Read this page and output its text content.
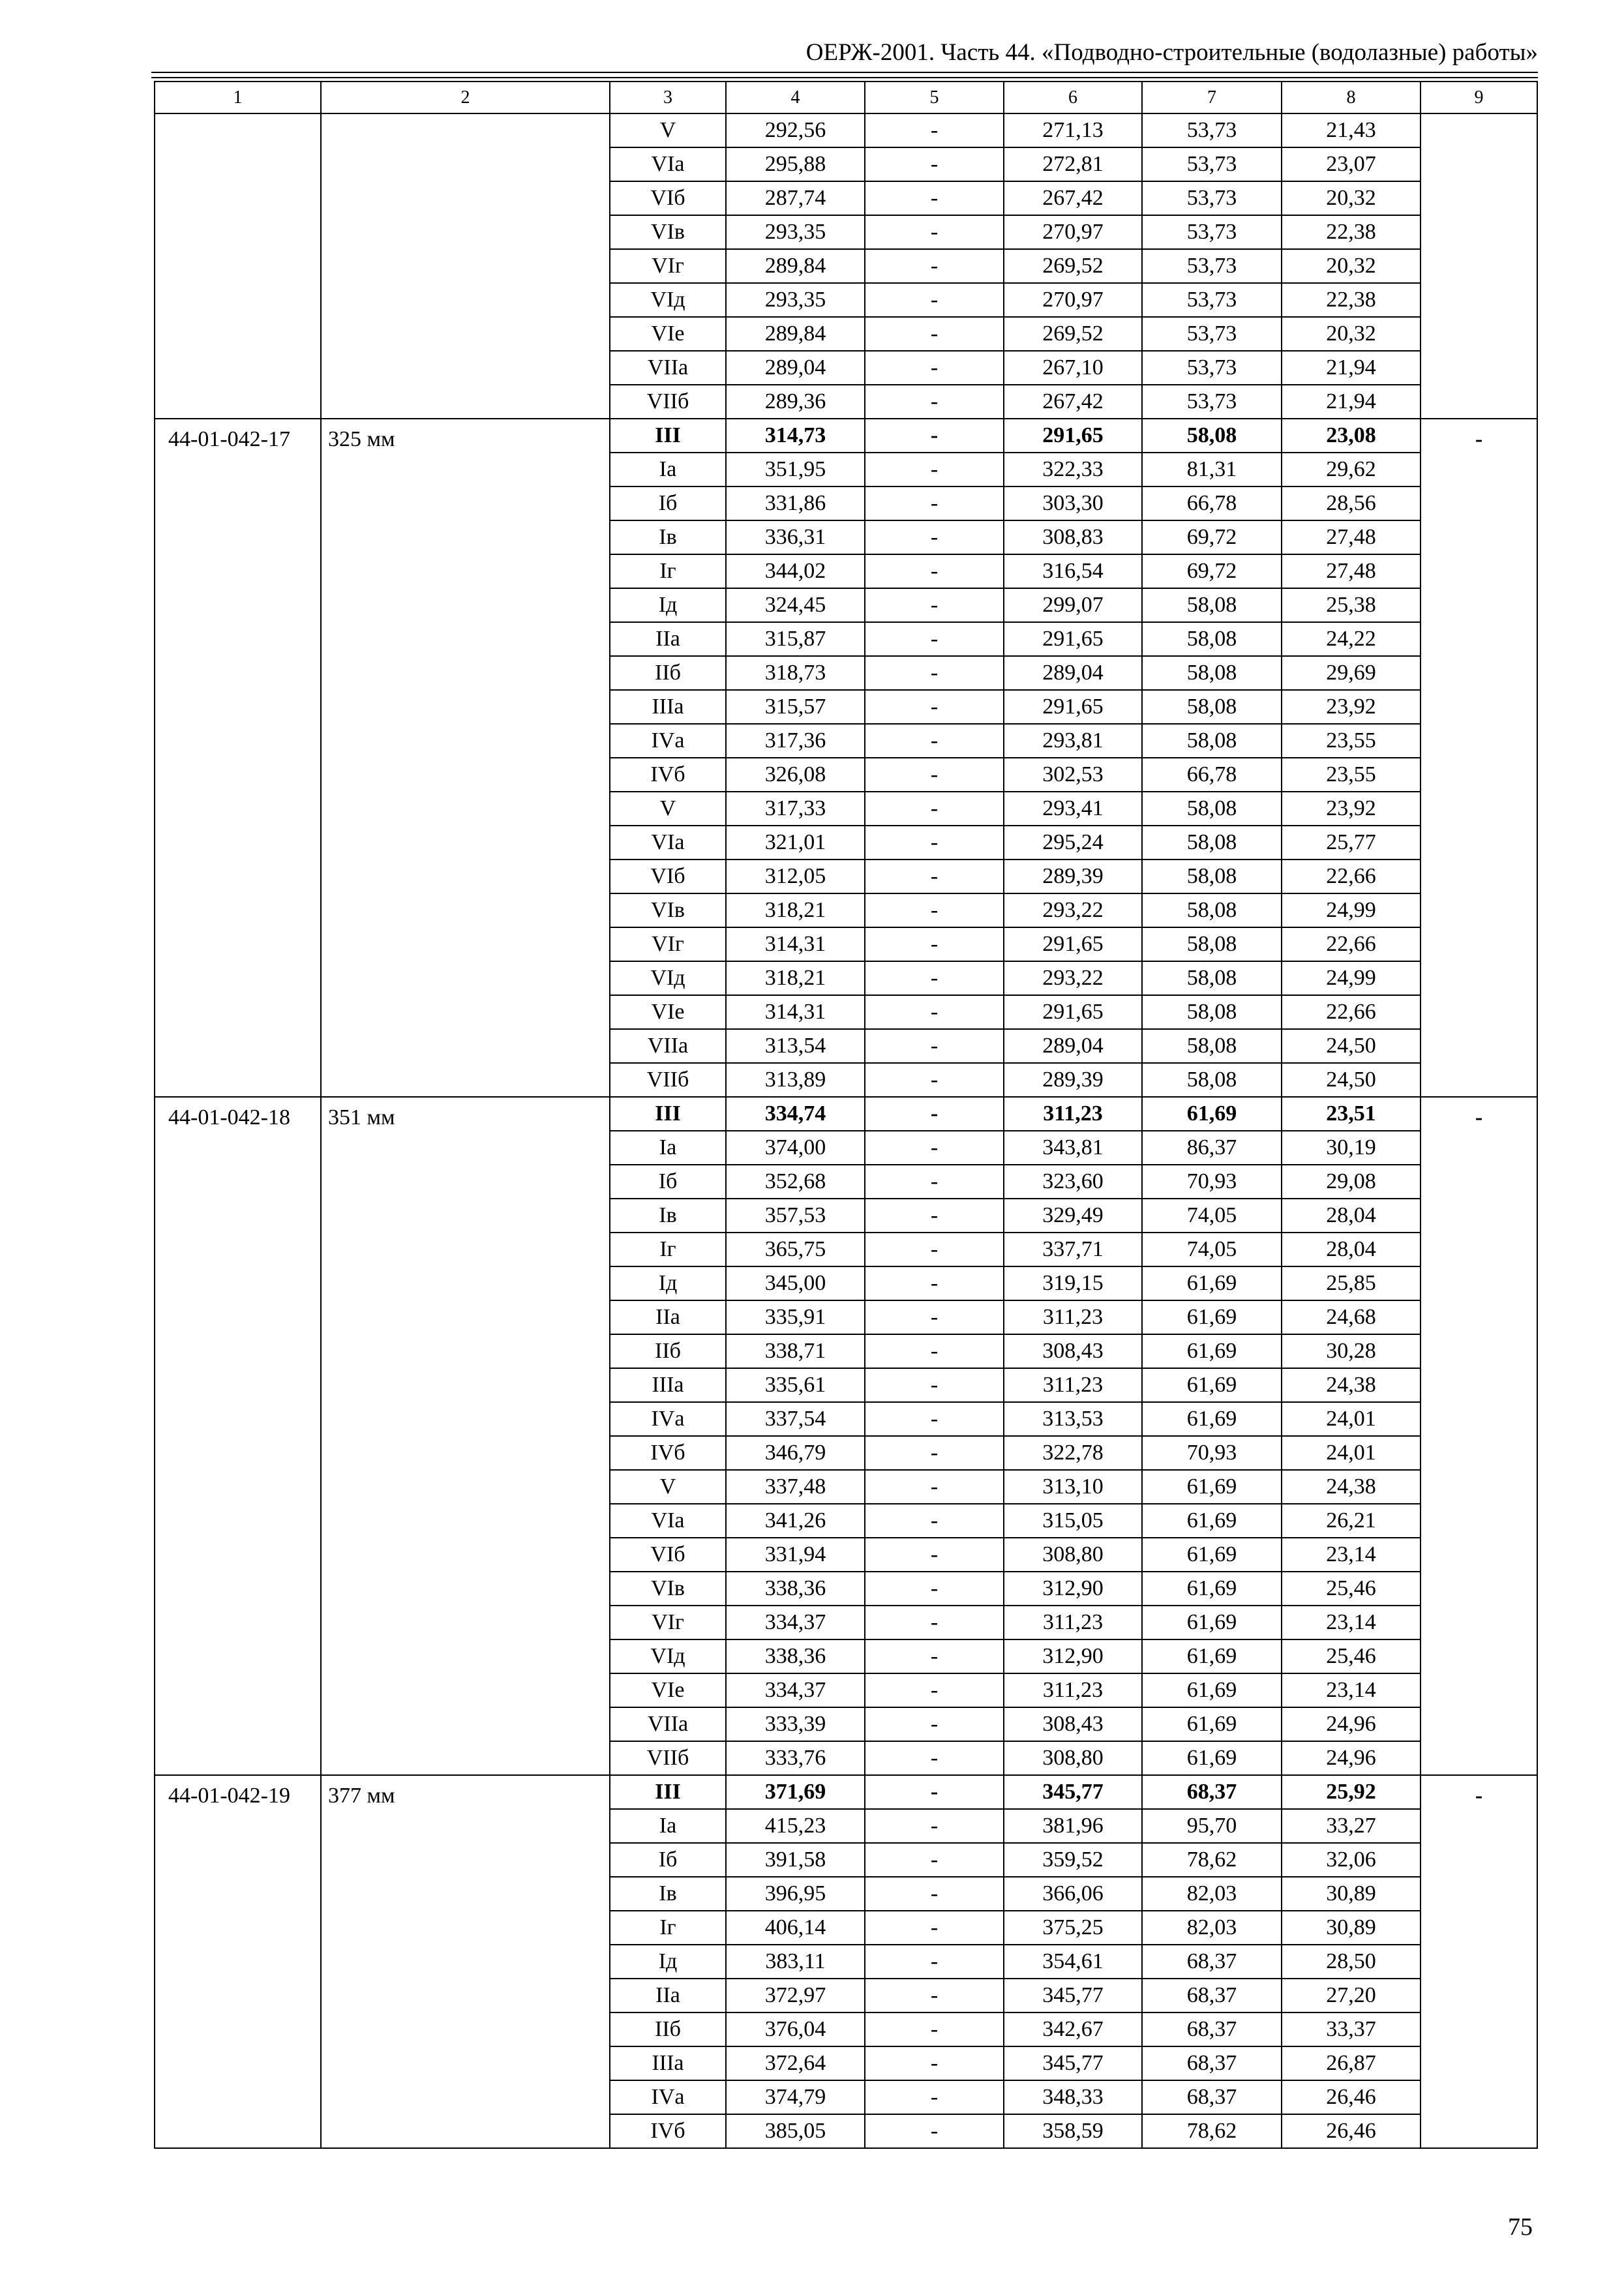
ОЕРЖ-2001. Часть 44. «Подводно-строительные (водолазные) работы»
1	2	3	4	5	6	7	8	9
		V	292,56	-	271,13	53,73	21,43	
		VIа	295,88	-	272,81	53,73	23,07	
		VIб	287,74	-	267,42	53,73	20,32	
		VIв	293,35	-	270,97	53,73	22,38	
		VIг	289,84	-	269,52	53,73	20,32	
		VIд	293,35	-	270,97	53,73	22,38	
		VIе	289,84	-	269,52	53,73	20,32	
		VIIа	289,04	-	267,10	53,73	21,94	
		VIIб	289,36	-	267,42	53,73	21,94	
44-01-042-17	325 мм	III	314,73	-	291,65	58,08	23,08	-
		Iа	351,95	-	322,33	81,31	29,62	
		Iб	331,86	-	303,30	66,78	28,56	
		Iв	336,31	-	308,83	69,72	27,48	
		Iг	344,02	-	316,54	69,72	27,48	
		Iд	324,45	-	299,07	58,08	25,38	
		IIа	315,87	-	291,65	58,08	24,22	
		IIб	318,73	-	289,04	58,08	29,69	
		IIIа	315,57	-	291,65	58,08	23,92	
		IVа	317,36	-	293,81	58,08	23,55	
		IVб	326,08	-	302,53	66,78	23,55	
		V	317,33	-	293,41	58,08	23,92	
		VIа	321,01	-	295,24	58,08	25,77	
		VIб	312,05	-	289,39	58,08	22,66	
		VIв	318,21	-	293,22	58,08	24,99	
		VIг	314,31	-	291,65	58,08	22,66	
		VIд	318,21	-	293,22	58,08	24,99	
		VIе	314,31	-	291,65	58,08	22,66	
		VIIа	313,54	-	289,04	58,08	24,50	
		VIIб	313,89	-	289,39	58,08	24,50	
44-01-042-18	351 мм	III	334,74	-	311,23	61,69	23,51	-
		Iа	374,00	-	343,81	86,37	30,19	
		Iб	352,68	-	323,60	70,93	29,08	
		Iв	357,53	-	329,49	74,05	28,04	
		Iг	365,75	-	337,71	74,05	28,04	
		Iд	345,00	-	319,15	61,69	25,85	
		IIа	335,91	-	311,23	61,69	24,68	
		IIб	338,71	-	308,43	61,69	30,28	
		IIIа	335,61	-	311,23	61,69	24,38	
		IVа	337,54	-	313,53	61,69	24,01	
		IVб	346,79	-	322,78	70,93	24,01	
		V	337,48	-	313,10	61,69	24,38	
		VIа	341,26	-	315,05	61,69	26,21	
		VIб	331,94	-	308,80	61,69	23,14	
		VIв	338,36	-	312,90	61,69	25,46	
		VIг	334,37	-	311,23	61,69	23,14	
		VIд	338,36	-	312,90	61,69	25,46	
		VIе	334,37	-	311,23	61,69	23,14	
		VIIа	333,39	-	308,43	61,69	24,96	
		VIIб	333,76	-	308,80	61,69	24,96	
44-01-042-19	377 мм	III	371,69	-	345,77	68,37	25,92	-
		Iа	415,23	-	381,96	95,70	33,27	
		Iб	391,58	-	359,52	78,62	32,06	
		Iв	396,95	-	366,06	82,03	30,89	
		Iг	406,14	-	375,25	82,03	30,89	
		Iд	383,11	-	354,61	68,37	28,50	
		IIа	372,97	-	345,77	68,37	27,20	
		IIб	376,04	-	342,67	68,37	33,37	
		IIIа	372,64	-	345,77	68,37	26,87	
		IVа	374,79	-	348,33	68,37	26,46	
		IVб	385,05	-	358,59	78,62	26,46	
75
